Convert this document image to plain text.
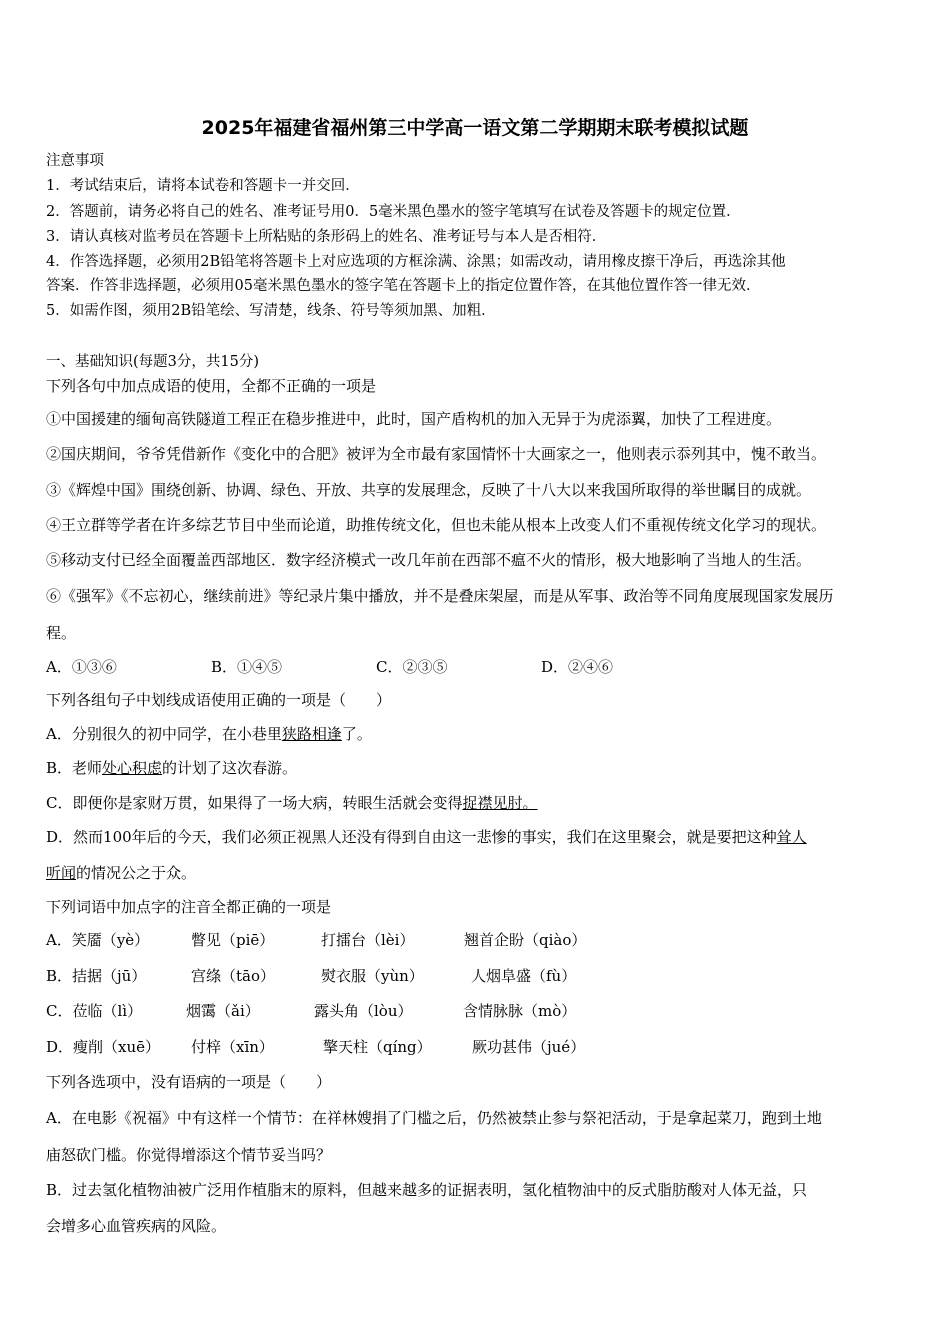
2025年福建省福州第三中学高一语文第二学期期末联考模拟试题
注意事项
1．考试结束后，请将本试卷和答题卡一并交回．
2．答题前，请务必将自己的姓名、准考证号用0．5毫米黑色墨水的签字笔填写在试卷及答题卡的规定位置．
3．请认真核对监考员在答题卡上所粘贴的条形码上的姓名、准考证号与本人是否相符．
4．作答选择题，必须用2B铅笔将答题卡上对应选项的方框涂满、涂黑；如需改动，请用橡皮擦干净后，再选涂其他
答案．作答非选择题，必须用05毫米黑色墨水的签字笔在答题卡上的指定位置作答，在其他位置作答一律无效．
5．如需作图，须用2B铅笔绘、写清楚，线条、符号等须加黑、加粗．
一、基础知识(每题3分，共15分)
下列各句中加点成语的使用，全都不正确的一项是
①中国援建的缅甸高铁隧道工程正在稳步推进中，此时，国产盾构机的加入无异于为虎添翼，加快了工程进度。
②国庆期间，爷爷凭借新作《变化中的合肥》被评为全市最有家国情怀十大画家之一，他则表示忝列其中，愧不敢当。
③《辉煌中国》围绕创新、协调、绿色、开放、共享的发展理念，反映了十八大以来我国所取得的举世瞩目的成就。
④王立群等学者在许多综艺节目中坐而论道，助推传统文化，但也未能从根本上改变人们不重视传统文化学习的现状。
⑤移动支付已经全面覆盖西部地区．数字经济模式一改几年前在西部不瘟不火的情形，极大地影响了当地人的生活。
⑥《强军》《不忘初心，继续前进》等纪录片集中播放，并不是叠床架屋，而是从军事、政治等不同角度展现国家发展历
程。
A．①③⑥	B．①④⑤	C．②③⑤	D．②④⑥
下列各组句子中划线成语使用正确的一项是（　　）
A．分别很久的初中同学，在小巷里狭路相逢了。
B．老师处心积虑的计划了这次春游。
C．即便你是家财万贯，如果得了一场大病，转眼生活就会变得捉襟见肘。
D．然而100年后的今天，我们必须正视黑人还没有得到自由这一悲惨的事实，我们在这里聚会，就是要把这种耸人
听闻的情况公之于众。
下列词语中加点字的注音全都正确的一项是
A．笑靥（yè）	瞥见（piē）	打擂台（lèi）	翘首企盼（qiào）
B．拮据（jū）	宫绦（tāo）	熨衣服（yùn）	人烟阜盛（fù）
C．莅临（lì）	烟霭（ǎi）	露头角（lòu）	含情脉脉（mò）
D．瘦削（xuē） 付梓（xīn）	擎天柱（qíng）	厥功甚伟（jué）
下列各选项中，没有语病的一项是（　　）
A．在电影《祝福》中有这样一个情节：在祥林嫂捐了门槛之后，仍然被禁止参与祭祀活动，于是拿起菜刀，跑到土地
庙怒砍门槛。你觉得增添这个情节妥当吗？
B．过去氢化植物油被广泛用作植脂末的原料，但越来越多的证据表明，氢化植物油中的反式脂肪酸对人体无益，只
会增多心血管疾病的风险。
